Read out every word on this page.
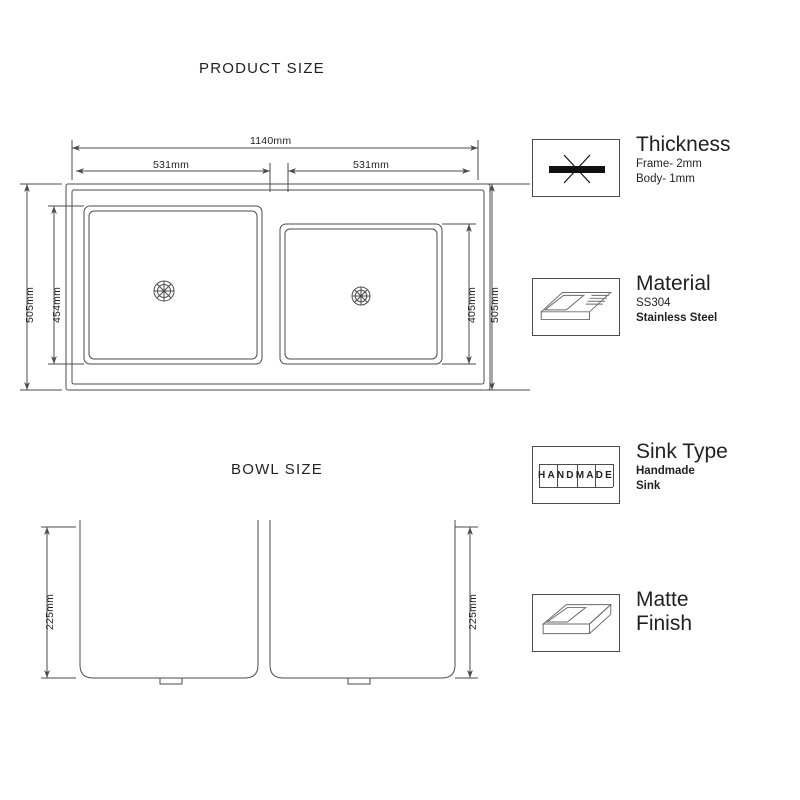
PRODUCT SIZE
BOWL SIZE
1140mm
531mm	531mm
505mm 454mm	505mm
405mm
225mm	225mm
Thickness
Frame- 2mm
Body- 1mm
Material
SS304
Stainless Steel
HANDMADE
Sink Type
Handmade
Sink
Matte
Finish
